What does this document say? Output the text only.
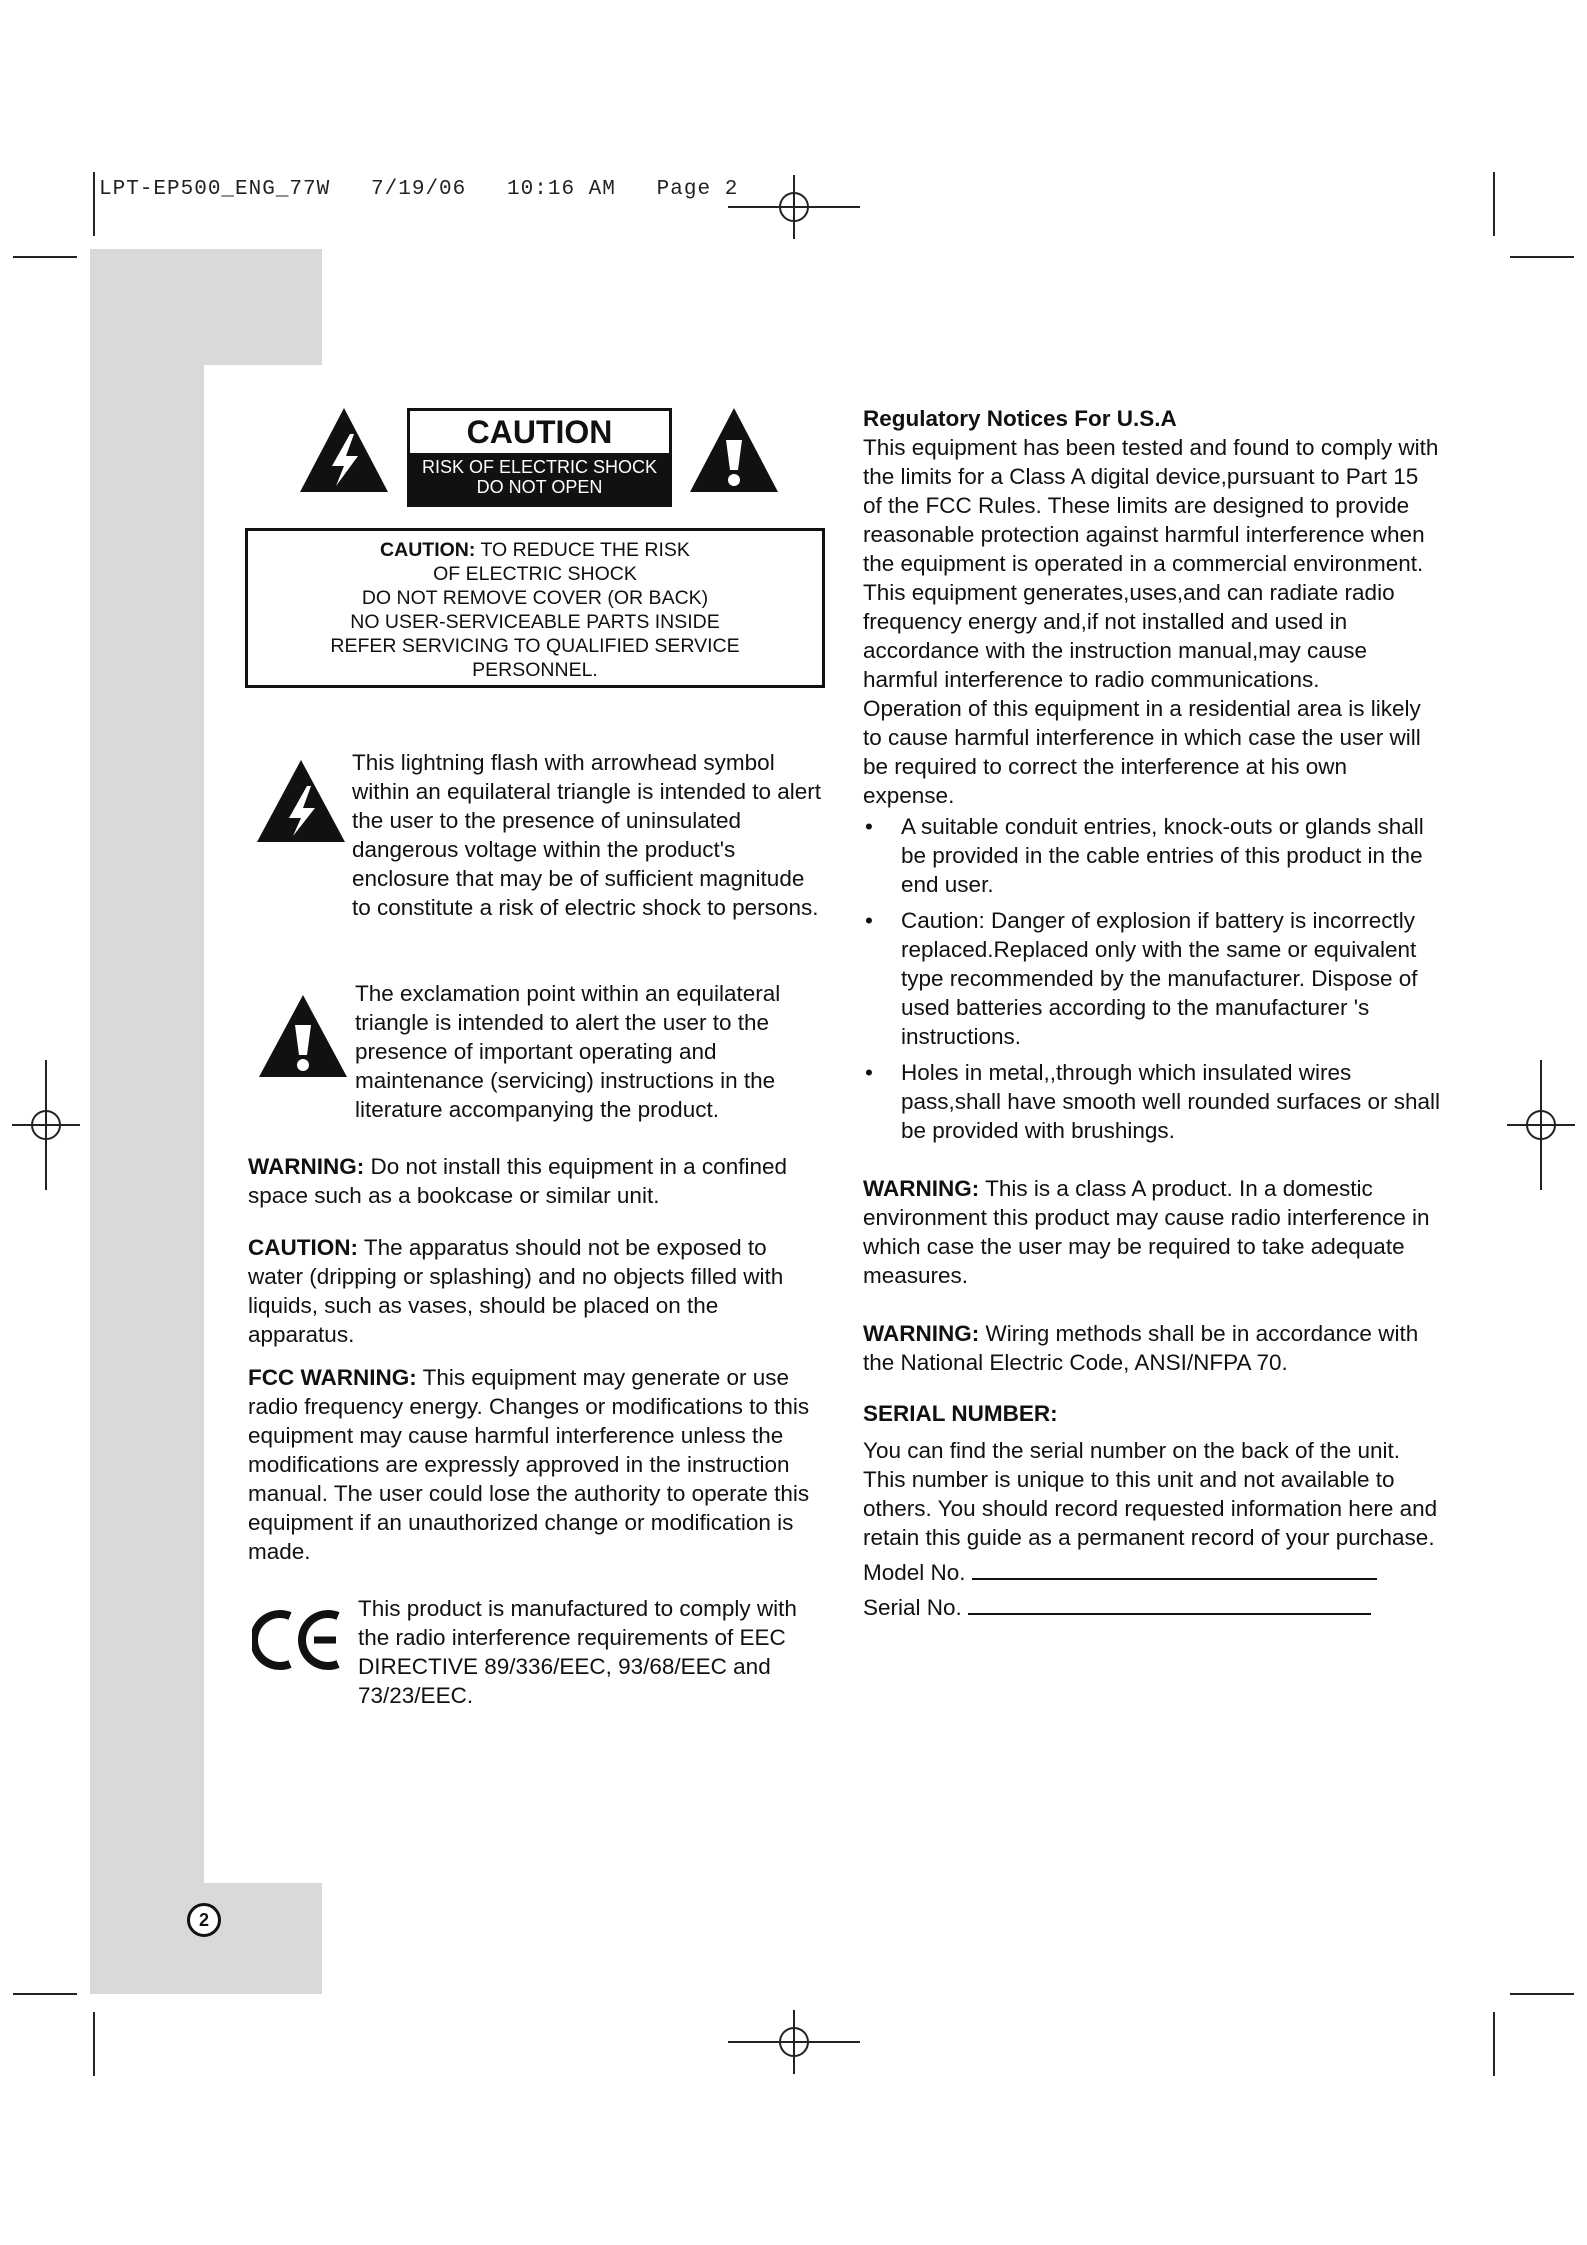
LPT-EP500_ENG_77W   7/19/06   10:16 AM   Page 2
2
CAUTION
RISK OF ELECTRIC SHOCK
DO NOT OPEN
CAUTION: TO REDUCE THE RISK
OF ELECTRIC SHOCK
DO NOT REMOVE COVER (OR BACK)
NO USER-SERVICEABLE PARTS INSIDE
REFER SERVICING TO QUALIFIED SERVICE
PERSONNEL.
This lightning flash with arrowhead symbol within an equilateral triangle is intended to alert the user to the presence of uninsulated dangerous voltage within the product's enclosure that may be of sufficient magnitude to constitute a risk of electric shock to persons.
The exclamation point within an equilateral triangle is intended to alert the user to the presence of important operating and maintenance (servicing) instructions in the literature accompanying the product.
WARNING: Do not install this equipment in a confined space such as a bookcase or similar unit.
CAUTION: The apparatus should not be exposed to water (dripping or splashing) and no objects filled with liquids, such as vases, should be placed on the apparatus.
FCC WARNING: This equipment may generate or use radio frequency energy. Changes or modifications to this equipment may cause harmful interference unless the modifications are expressly approved in the instruction manual. The user could lose the authority to operate this equipment if an unauthorized change or modification is made.
This product is manufactured to comply with the radio interference requirements of EEC DIRECTIVE 89/336/EEC, 93/68/EEC and 73/23/EEC.
Regulatory Notices For U.S.A
This equipment has been tested and found to comply with the limits for a Class A digital device,pursuant to Part 15 of the FCC Rules. These limits are designed to provide reasonable protection against harmful interference when the equipment is operated in a commercial environment.
This equipment generates,uses,and can radiate radio frequency energy and,if not installed and used in accordance with the instruction manual,may cause harmful interference to radio communications.
Operation of this equipment in a residential area is likely to cause harmful interference in which case the user will be required to correct the interference at his own expense.
• A suitable conduit entries, knock-outs or glands shall be provided in the cable entries of this product in the end user.
• Caution: Danger of explosion if battery is incorrectly replaced.Replaced only with the same or equivalent type recommended by the manufacturer. Dispose of used batteries according to the manufacturer 's instructions.
• Holes in metal,,through which insulated wires pass,shall have smooth well rounded surfaces or shall be provided with brushings.
WARNING: This is a class A product. In a domestic environment this product may cause radio interference in which case the user may be required to take adequate measures.
WARNING: Wiring methods shall be in accordance with the National Electric Code, ANSI/NFPA 70.
SERIAL NUMBER:
You can find the serial number on the back of the unit. This number is unique to this unit and not available to others. You should record requested information here and retain this guide as a permanent record of your purchase.
Model No.
Serial No.
